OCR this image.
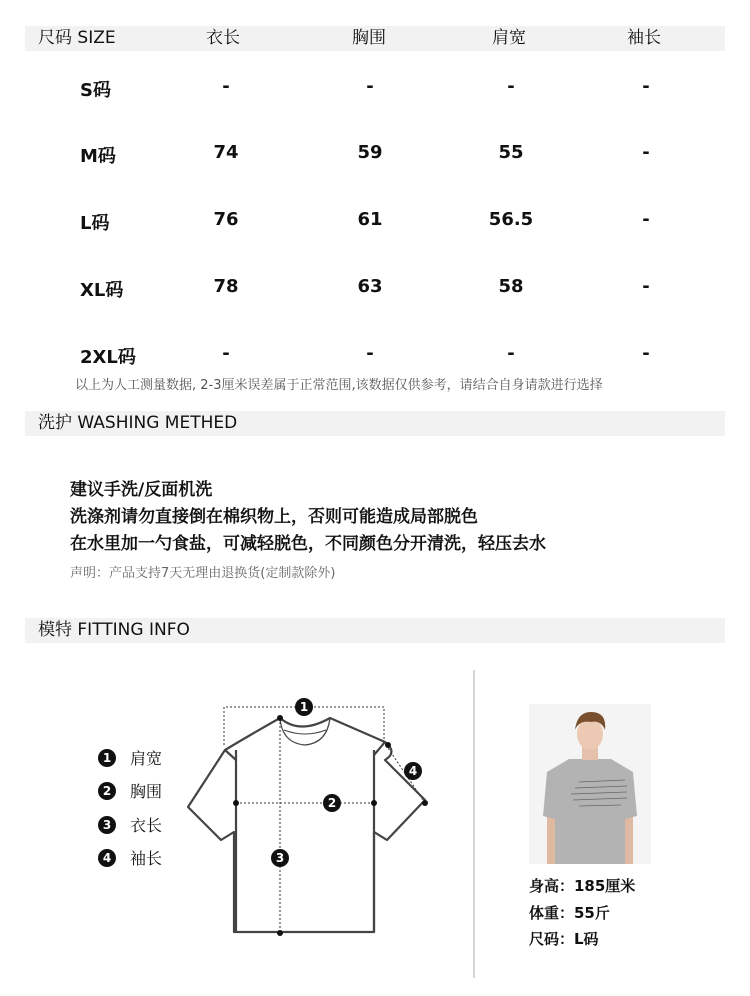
尺码 SIZE	衣长	胸围	肩宽	袖长
S码	-	-	-	-
M码	74	59	55	-
L码	76	61	56.5	-
XL码	78	63	58	-
2XL码	-	-	-	-
以上为人工测量数据, 2-3厘米误差属于正常范围,该数据仅供参考，请结合自身请款进行选择
洗护 WASHING METHED
建议手洗/反面机洗
洗涤剂请勿直接倒在棉织物上，否则可能造成局部脱色
在水里加一勺食盐，可减轻脱色，不同颜色分开清洗，轻压去水
声明：产品支持7天无理由退换货(定制款除外)
模特 FITTING INFO
1	肩宽
2	胸围
3	衣长
4	袖长
1
2
3
4
身高：185厘米
体重：55斤
尺码：L码
